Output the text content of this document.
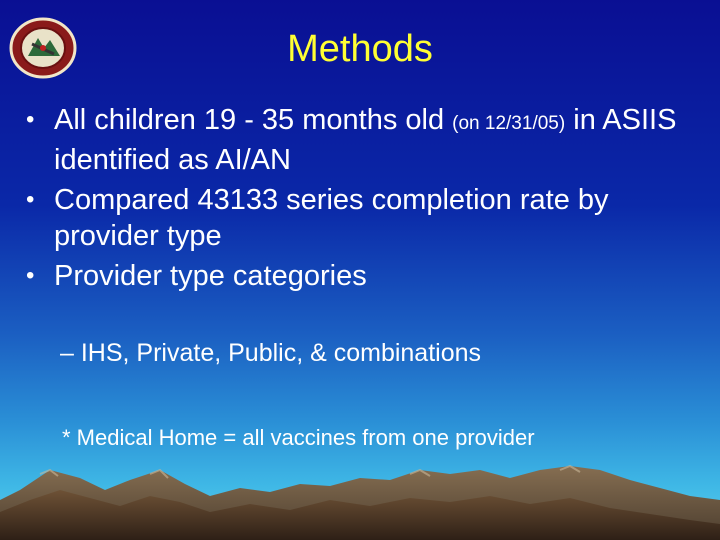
Methods
• All children 19 - 35 months old (on 12/31/05) in ASIIS identified as AI/AN
• Compared 43133 series completion rate by provider type
• Provider type categories
– IHS, Private, Public, & combinations
* Medical Home = all vaccines from one provider
